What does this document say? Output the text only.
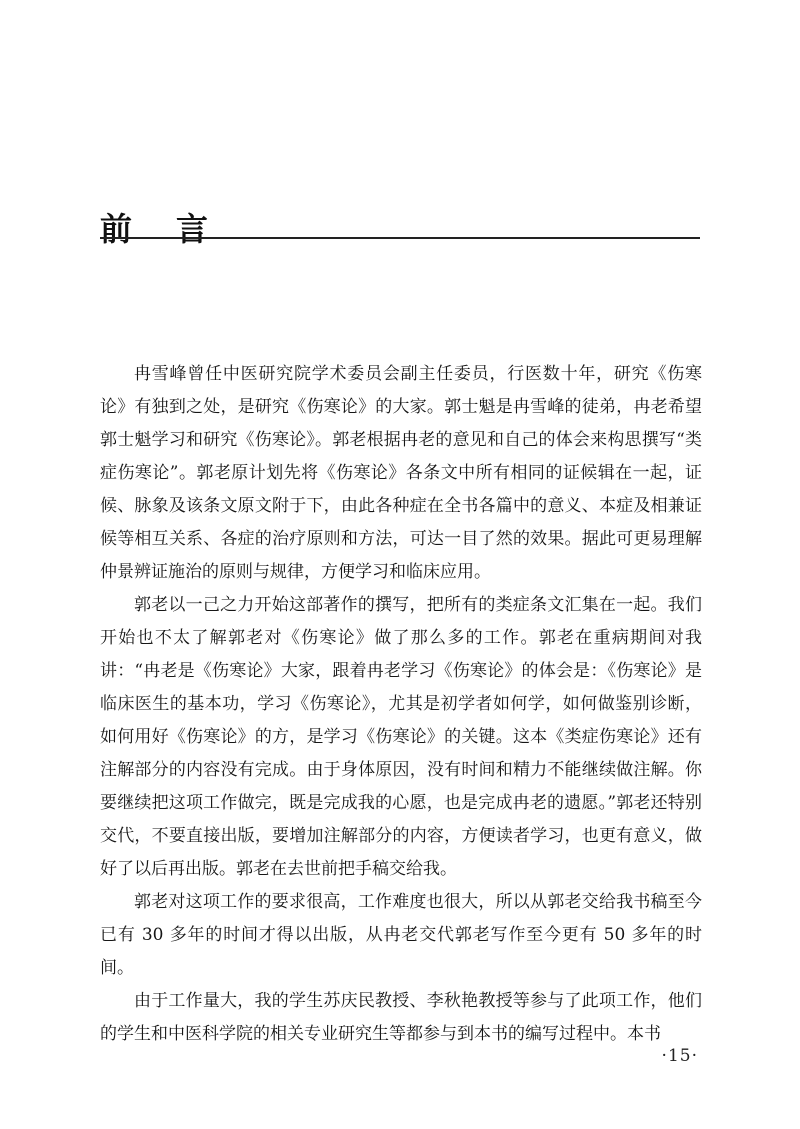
前　言

冉雪峰曾任中医研究院学术委员会副主任委员，行医数十年，研究《伤寒论》有独到之处，是研究《伤寒论》的大家。郭士魁是冉雪峰的徒弟，冉老希望郭士魁学习和研究《伤寒论》。郭老根据冉老的意见和自己的体会来构思撰写“类症伤寒论”。郭老原计划先将《伤寒论》各条文中所有相同的证候辑在一起，证候、脉象及该条文原文附于下，由此各种症在全书各篇中的意义、本症及相兼证候等相互关系、各症的治疗原则和方法，可达一目了然的效果。据此可更易理解仲景辨证施治的原则与规律，方便学习和临床应用。

郭老以一己之力开始这部著作的撰写，把所有的类症条文汇集在一起。我们开始也不太了解郭老对《伤寒论》做了那么多的工作。郭老在重病期间对我讲：“冉老是《伤寒论》大家，跟着冉老学习《伤寒论》的体会是：《伤寒论》是临床医生的基本功，学习《伤寒论》，尤其是初学者如何学，如何做鉴别诊断，如何用好《伤寒论》的方，是学习《伤寒论》的关键。这本《类症伤寒论》还有注解部分的内容没有完成。由于身体原因，没有时间和精力不能继续做注解。你要继续把这项工作做完，既是完成我的心愿，也是完成冉老的遗愿。”郭老还特别交代，不要直接出版，要增加注解部分的内容，方便读者学习，也更有意义，做好了以后再出版。郭老在去世前把手稿交给我。

郭老对这项工作的要求很高，工作难度也很大，所以从郭老交给我书稿至今已有 30 多年的时间才得以出版，从冉老交代郭老写作至今更有 50 多年的时间。

由于工作量大，我的学生苏庆民教授、李秋艳教授等参与了此项工作，他们的学生和中医科学院的相关专业研究生等都参与到本书的编写过程中。本书

·15·
